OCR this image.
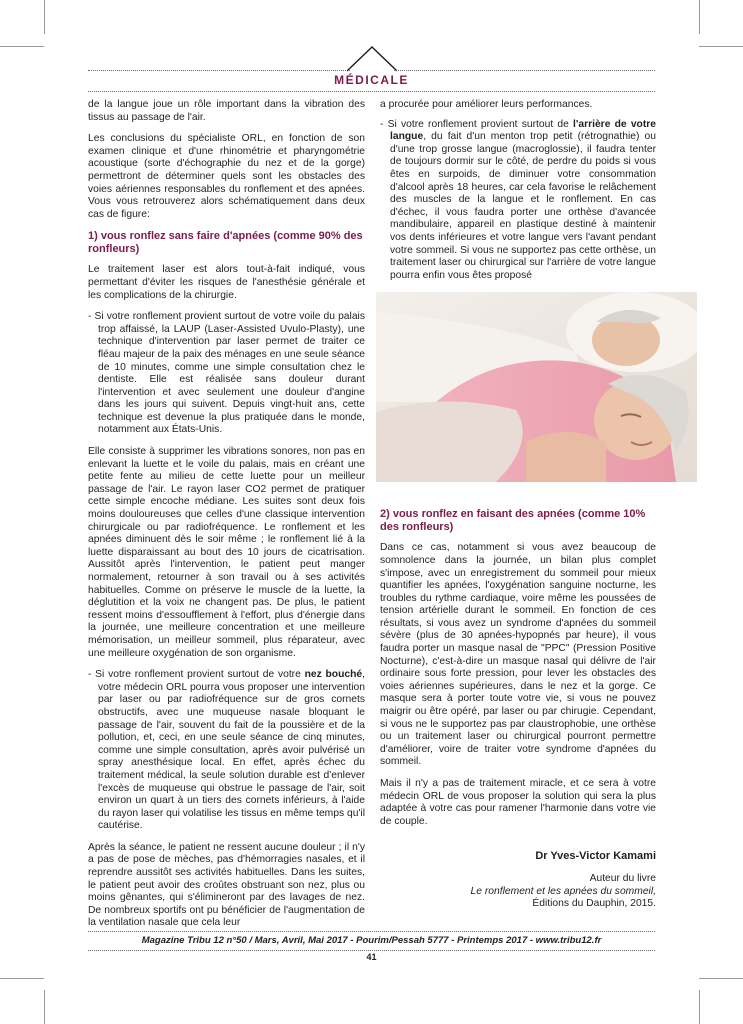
MÉDICALE

de la langue joue un rôle important dans la vibration des tissus au passage de l'air.

Les conclusions du spécialiste ORL, en fonction de son examen clinique et d'une rhinométrie et pharyngométrie acoustique (sorte d'échographie du nez et de la gorge) permettront de déterminer quels sont les obstacles des voies aériennes responsables du ronflement et des apnées. Vous vous retrouverez alors schématiquement dans deux cas de figure:

1) vous ronflez sans faire d'apnées (comme 90% des ronfleurs)

Le traitement laser est alors tout-à-fait indiqué, vous permettant d'éviter les risques de l'anesthésie générale et les complications de la chirurgie.

- Si votre ronflement provient surtout de votre voile du palais trop affaissé, la LAUP (Laser-Assisted Uvulo-Plasty), une technique d'intervention par laser permet de traiter ce fléau majeur de la paix des ménages en une seule séance de 10 minutes, comme une simple consultation chez le dentiste. Elle est réalisée sans douleur durant l'intervention et avec seulement une douleur d'angine dans les jours qui suivent. Depuis vingt-huit ans, cette technique est devenue la plus pratiquée dans le monde, notamment aux États-Unis.

Elle consiste à supprimer les vibrations sonores, non pas en enlevant la luette et le voile du palais, mais en créant une petite fente au milieu de cette luette pour un meilleur passage de l'air. Le rayon laser CO2 permet de pratiquer cette simple encoche médiane. Les suites sont deux fois moins douloureuses que celles d'une classique intervention chirurgicale ou par radiofréquence. Le ronflement et les apnées diminuent dès le soir même ; le ronflement lié à la luette disparaissant au bout des 10 jours de cicatrisation. Aussitôt après l'intervention, le patient peut manger normalement, retourner à son travail ou à ses activités habituelles. Comme on préserve le muscle de la luette, la déglutition et la voix ne changent pas. De plus, le patient ressent moins d'essoufflement à l'effort, plus d'énergie dans la journée, une meilleure concentration et une meilleure mémorisation, un meilleur sommeil, plus réparateur, avec une meilleure oxygénation de son organisme.

- Si votre ronflement provient surtout de votre nez bouché, votre médecin ORL pourra vous proposer une intervention par laser ou par radiofréquence sur de gros cornets obstructifs, avec une muqueuse nasale bloquant le passage de l'air, souvent du fait de la poussière et de la pollution, et, ceci, en une seule séance de cinq minutes, comme une simple consultation, après avoir pulvérisé un spray anesthésique local. En effet, après échec du traitement médical, la seule solution durable est d'enlever l'excès de muqueuse qui obstrue le passage de l'air, soit environ un quart à un tiers des cornets inférieurs, à l'aide du rayon laser qui volatilise les tissus en même temps qu'il cautérise.

Après la séance, le patient ne ressent aucune douleur ; il n'y a pas de pose de mèches, pas d'hémorragies nasales, et il reprendre aussitôt ses activités habituelles. Dans les suites, le patient peut avoir des croûtes obstruant son nez, plus ou moins gênantes, qui s'élimineront par des lavages de nez. De nombreux sportifs ont pu bénéficier de l'augmentation de la ventilation nasale que cela leur

a procurée pour améliorer leurs performances.

- Si votre ronflement provient surtout de l'arrière de votre langue, du fait d'un menton trop petit (rétrognathie) ou d'une trop grosse langue (macroglossie), il faudra tenter de toujours dormir sur le côté, de perdre du poids si vous êtes en surpoids, de diminuer votre consommation d'alcool après 18 heures, car cela favorise le relâchement des muscles de la langue et le ronflement. En cas d'échec, il vous faudra porter une orthèse d'avancée mandibulaire, appareil en plastique destiné à maintenir vos dents inférieures et votre langue vers l'avant pendant votre sommeil. Si vous ne supportez pas cette orthèse, un traitement laser ou chirurgical sur l'arrière de votre langue pourra enfin vous êtes proposé

2) vous ronflez en faisant des apnées (comme 10% des ronfleurs)

Dans ce cas, notamment si vous avez beaucoup de somnolence dans la journée, un bilan plus complet s'impose, avec un enregistrement du sommeil pour mieux quantifier les apnées, l'oxygénation sanguine nocturne, les troubles du rythme cardiaque, voire même les poussées de tension artérielle durant le sommeil. En fonction de ces résultats, si vous avez un syndrome d'apnées du sommeil sévère (plus de 30 apnées-hypopnés par heure), il vous faudra porter un masque nasal de "PPC" (Pression Positive Nocturne), c'est-à-dire un masque nasal qui délivre de l'air ordinaire sous forte pression, pour lever les obstacles des voies aériennes supérieures, dans le nez et la gorge. Ce masque sera à porter toute votre vie, si vous ne pouvez maigrir ou être opéré, par laser ou par chirugie. Cependant, si vous ne le supportez pas par claustrophobie, une orthèse ou un traitement laser ou chirurgical pourront permettre d'améliorer, voire de traiter votre syndrome d'apnées du sommeil.

Mais il n'y a pas de traitement miracle, et ce sera à votre médecin ORL de vous proposer la solution qui sera la plus adaptée à votre cas pour ramener l'harmonie dans votre vie de couple.

Dr Yves-Victor Kamami
Auteur du livre
Le ronflement et les apnées du sommeil,
Éditions du Dauphin, 2015.
Magazine Tribu 12 n°50 / Mars, Avril, Mai 2017 - Pourim/Pessah 5777 - Printemps 2017 - www.tribu12.fr
41
